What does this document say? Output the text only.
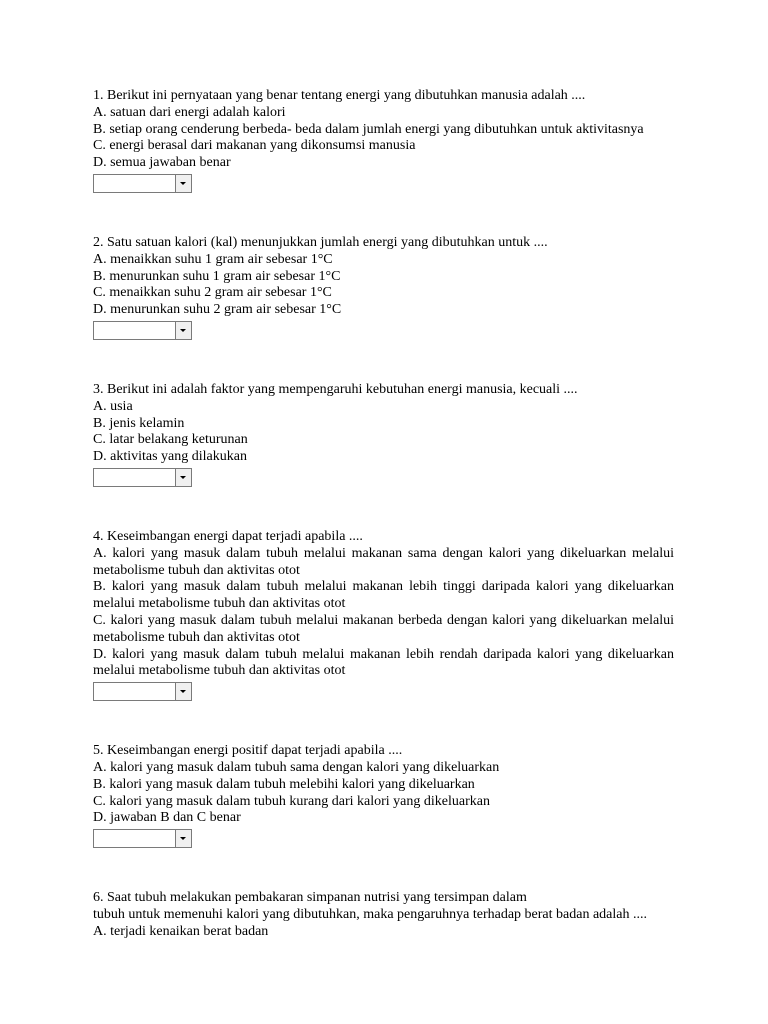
1. Berikut ini pernyataan yang benar tentang energi yang dibutuhkan manusia adalah ....

A. satuan dari energi adalah kalori

B. setiap orang cenderung berbeda- beda dalam jumlah energi yang dibutuhkan untuk aktivitasnya

C. energi berasal dari makanan yang dikonsumsi manusia

D. semua jawaban benar

2. Satu satuan kalori (kal) menunjukkan jumlah energi yang dibutuhkan untuk ....

A. menaikkan suhu 1 gram air sebesar 1°C

B. menurunkan suhu 1 gram air sebesar 1°C

C. menaikkan suhu 2 gram air sebesar 1°C

D. menurunkan suhu 2 gram air sebesar 1°C

3. Berikut ini adalah faktor yang mempengaruhi kebutuhan energi manusia, kecuali ....

A. usia

B. jenis kelamin

C. latar belakang keturunan

D. aktivitas yang dilakukan

4. Keseimbangan energi dapat terjadi apabila ....

A. kalori yang masuk dalam tubuh melalui makanan sama dengan kalori yang dikeluarkan melalui metabolisme tubuh dan aktivitas otot

B. kalori yang masuk dalam tubuh melalui makanan lebih tinggi daripada kalori yang dikeluarkan melalui metabolisme tubuh dan aktivitas otot

C. kalori yang masuk dalam tubuh melalui makanan berbeda dengan kalori yang dikeluarkan melalui metabolisme tubuh dan aktivitas otot

D. kalori yang masuk dalam tubuh melalui makanan lebih rendah daripada kalori yang dikeluarkan melalui metabolisme tubuh dan aktivitas otot

5. Keseimbangan energi positif dapat terjadi apabila ....

A. kalori yang masuk dalam tubuh sama dengan kalori yang dikeluarkan

B. kalori yang masuk dalam tubuh melebihi kalori yang dikeluarkan

C. kalori yang masuk dalam tubuh kurang dari kalori yang dikeluarkan

D. jawaban B dan C benar

6. Saat tubuh melakukan pembakaran simpanan nutrisi yang tersimpan dalam

tubuh untuk memenuhi kalori yang dibutuhkan, maka pengaruhnya terhadap berat badan adalah ....

A. terjadi kenaikan berat badan
